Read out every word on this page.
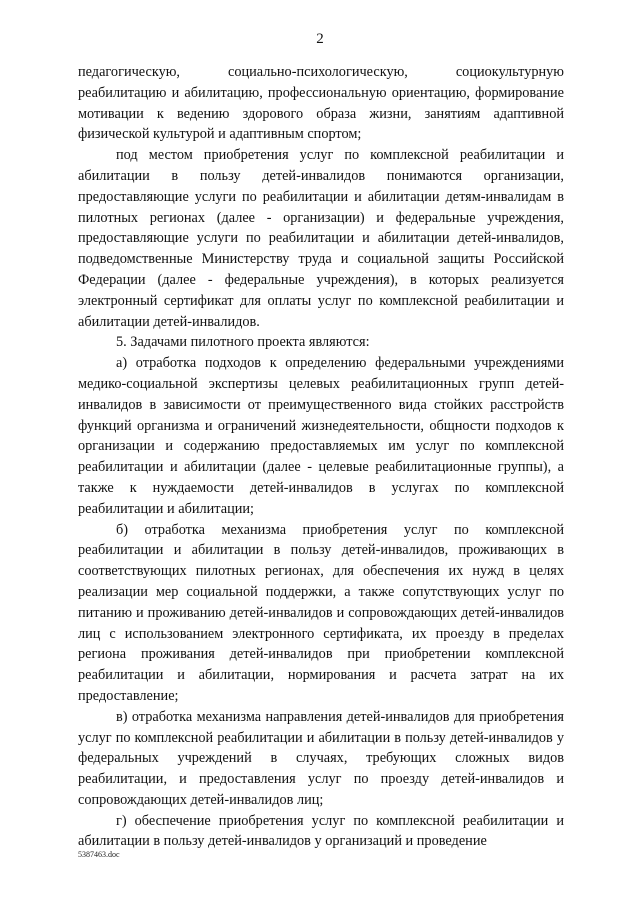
2

педагогическую, социально-психологическую, социокультурную реабилитацию и абилитацию, профессиональную ориентацию, формирование мотивации к ведению здорового образа жизни, занятиям адаптивной физической культурой и адаптивным спортом;

под местом приобретения услуг по комплексной реабилитации и абилитации в пользу детей-инвалидов понимаются организации, предоставляющие услуги по реабилитации и абилитации детям-инвалидам в пилотных регионах (далее - организации) и федеральные учреждения, предоставляющие услуги по реабилитации и абилитации детей-инвалидов, подведомственные Министерству труда и социальной защиты Российской Федерации (далее - федеральные учреждения), в которых реализуется электронный сертификат для оплаты услуг по комплексной реабилитации и абилитации детей-инвалидов.

5. Задачами пилотного проекта являются:

а) отработка подходов к определению федеральными учреждениями медико-социальной экспертизы целевых реабилитационных групп детей-инвалидов в зависимости от преимущественного вида стойких расстройств функций организма и ограничений жизнедеятельности, общности подходов к организации и содержанию предоставляемых им услуг по комплексной реабилитации и абилитации (далее - целевые реабилитационные группы), а также к нуждаемости детей-инвалидов в услугах по комплексной реабилитации и абилитации;

б) отработка механизма приобретения услуг по комплексной реабилитации и абилитации в пользу детей-инвалидов, проживающих в соответствующих пилотных регионах, для обеспечения их нужд в целях реализации мер социальной поддержки, а также сопутствующих услуг по питанию и проживанию детей-инвалидов и сопровождающих детей-инвалидов лиц с использованием электронного сертификата, их проезду в пределах региона проживания детей-инвалидов при приобретении комплексной реабилитации и абилитации, нормирования и расчета затрат на их предоставление;

в) отработка механизма направления детей-инвалидов для приобретения услуг по комплексной реабилитации и абилитации в пользу детей-инвалидов у федеральных учреждений в случаях, требующих сложных видов реабилитации, и предоставления услуг по проезду детей-инвалидов и сопровождающих детей-инвалидов лиц;

г) обеспечение приобретения услуг по комплексной реабилитации и абилитации в пользу детей-инвалидов у организаций и проведение

5387463.doc
